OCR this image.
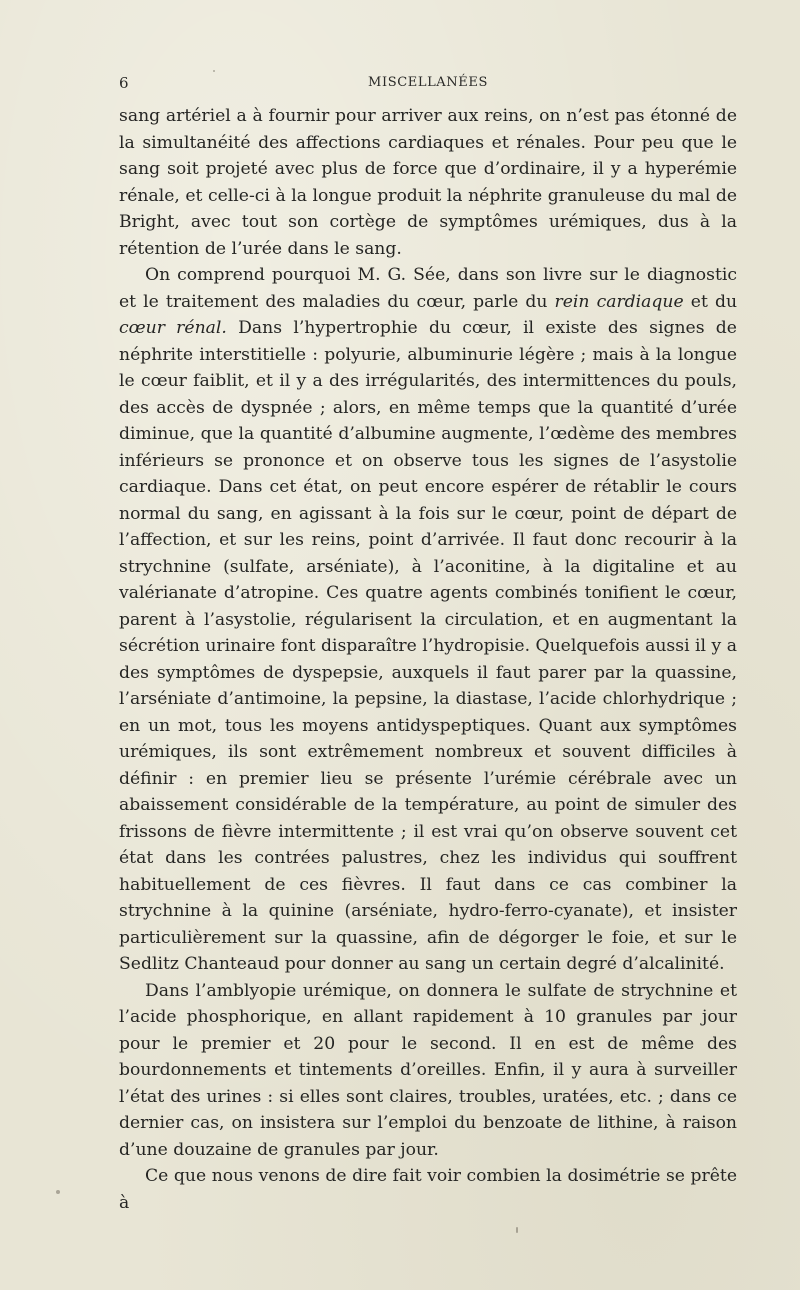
6	MISCELLANÉES

sang artériel a à fournir pour arriver aux reins, on n’est pas étonné de la simultanéité des affections cardiaques et rénales. Pour peu que le sang soit projeté avec plus de force que d’ordinaire, il y a hyperémie rénale, et celle-ci à la longue produit la néphrite granuleuse du mal de Bright, avec tout son cortège de symptômes urémiques, dus à la rétention de l’urée dans le sang.

On comprend pourquoi M. G. Sée, dans son livre sur le diagnostic et le traitement des maladies du cœur, parle du rein cardiaque et du cœur rénal. Dans l’hypertrophie du cœur, il existe des signes de néphrite interstitielle : polyurie, albuminurie légère ; mais à la longue le cœur faiblit, et il y a des irrégularités, des intermittences du pouls, des accès de dyspnée ; alors, en même temps que la quantité d’urée diminue, que la quantité d’albumine augmente, l’œdème des membres inférieurs se prononce et on observe tous les signes de l’asystolie cardiaque. Dans cet état, on peut encore espérer de rétablir le cours normal du sang, en agissant à la fois sur le cœur, point de départ de l’affection, et sur les reins, point d’arrivée. Il faut donc recourir à la strychnine (sulfate, arséniate), à l’aconitine, à la digitaline et au valérianate d’atropine. Ces quatre agents combinés tonifient le cœur, parent à l’asystolie, régularisent la circulation, et en augmentant la sécrétion urinaire font disparaître l’hydropisie. Quelquefois aussi il y a des symptômes de dyspepsie, auxquels il faut parer par la quassine, l’arséniate d’antimoine, la pepsine, la diastase, l’acide chlorhydrique ; en un mot, tous les moyens antidyspeptiques. Quant aux symptômes urémiques, ils sont extrêmement nombreux et souvent difficiles à définir : en premier lieu se présente l’urémie cérébrale avec un abaissement considérable de la température, au point de simuler des frissons de fièvre intermittente ; il est vrai qu’on observe souvent cet état dans les contrées palustres, chez les individus qui souffrent habituellement de ces fièvres. Il faut dans ce cas combiner la strychnine à la quinine (arséniate, hydro-ferro-cyanate), et insister particulièrement sur la quassine, afin de dégorger le foie, et sur le Sedlitz Chanteaud pour donner au sang un certain degré d’alcalinité.

Dans l’amblyopie urémique, on donnera le sulfate de strychnine et l’acide phosphorique, en allant rapidement à 10 granules par jour pour le premier et 20 pour le second. Il en est de même des bourdonnements et tintements d’oreilles. Enfin, il y aura à surveiller l’état des urines : si elles sont claires, troubles, uratées, etc. ; dans ce dernier cas, on insistera sur l’emploi du benzoate de lithine, à raison d’une douzaine de granules par jour.

Ce que nous venons de dire fait voir combien la dosimétrie se prête à
